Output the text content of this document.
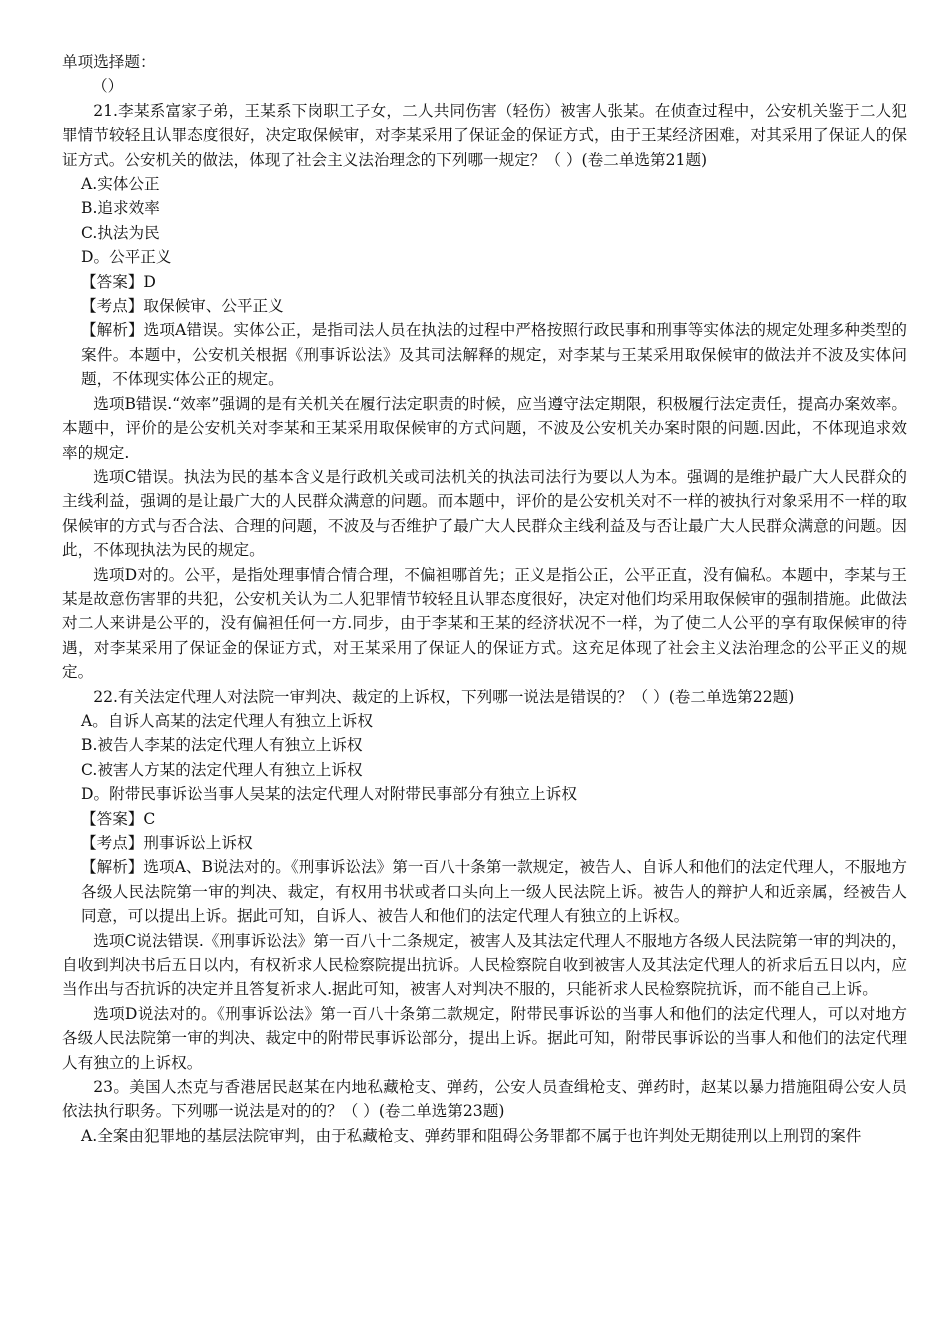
单项选择题：

（）

21.李某系富家子弟，王某系下岗职工子女，二人共同伤害（轻伤）被害人张某。在侦查过程中，公安机关鉴于二人犯罪情节较轻且认罪态度很好，决定取保候审，对李某采用了保证金的保证方式，由于王某经济困难，对其采用了保证人的保证方式。公安机关的做法，体现了社会主义法治理念的下列哪一规定？（ ）(卷二单选第21题)

A.实体公正

B.追求效率

C.执法为民

D。公平正义

【答案】D

【考点】取保候审、公平正义

【解析】选项A错误。实体公正，是指司法人员在执法的过程中严格按照行政民事和刑事等实体法的规定处理多种类型的案件。本题中，公安机关根据《刑事诉讼法》及其司法解释的规定，对李某与王某采用取保候审的做法并不波及实体问题，不体现实体公正的规定。

选项B错误.“效率”强调的是有关机关在履行法定职责的时候，应当遵守法定期限，积极履行法定责任，提高办案效率。本题中，评价的是公安机关对李某和王某采用取保候审的方式问题，不波及公安机关办案时限的问题.因此，不体现追求效率的规定.

选项C错误。执法为民的基本含义是行政机关或司法机关的执法司法行为要以人为本。强调的是维护最广大人民群众的主线利益，强调的是让最广大的人民群众满意的问题。而本题中，评价的是公安机关对不一样的被执行对象采用不一样的取保候审的方式与否合法、合理的问题，不波及与否维护了最广大人民群众主线利益及与否让最广大人民群众满意的问题。因此，不体现执法为民的规定。

选项D对的。公平，是指处理事情合情合理，不偏袒哪首先；正义是指公正，公平正直，没有偏私。本题中，李某与王某是故意伤害罪的共犯，公安机关认为二人犯罪情节较轻且认罪态度很好，决定对他们均采用取保候审的强制措施。此做法对二人来讲是公平的，没有偏袒任何一方.同步，由于李某和王某的经济状况不一样，为了使二人公平的享有取保候审的待遇，对李某采用了保证金的保证方式，对王某采用了保证人的保证方式。这充足体现了社会主义法治理念的公平正义的规定。

22.有关法定代理人对法院一审判决、裁定的上诉权，下列哪一说法是错误的？（ ）(卷二单选第22题)

A。自诉人高某的法定代理人有独立上诉权

B.被告人李某的法定代理人有独立上诉权

C.被害人方某的法定代理人有独立上诉权

D。附带民事诉讼当事人吴某的法定代理人对附带民事部分有独立上诉权

【答案】C

【考点】刑事诉讼上诉权

【解析】选项A、B说法对的。《刑事诉讼法》第一百八十条第一款规定，被告人、自诉人和他们的法定代理人，不服地方各级人民法院第一审的判决、裁定，有权用书状或者口头向上一级人民法院上诉。被告人的辩护人和近亲属，经被告人同意，可以提出上诉。据此可知，自诉人、被告人和他们的法定代理人有独立的上诉权。

选项C说法错误.《刑事诉讼法》第一百八十二条规定，被害人及其法定代理人不服地方各级人民法院第一审的判决的，自收到判决书后五日以内，有权祈求人民检察院提出抗诉。人民检察院自收到被害人及其法定代理人的祈求后五日以内，应当作出与否抗诉的决定并且答复祈求人.据此可知，被害人对判决不服的，只能祈求人民检察院抗诉，而不能自己上诉。

选项D说法对的。《刑事诉讼法》第一百八十条第二款规定，附带民事诉讼的当事人和他们的法定代理人，可以对地方各级人民法院第一审的判决、裁定中的附带民事诉讼部分，提出上诉。据此可知，附带民事诉讼的当事人和他们的法定代理人有独立的上诉权。

23。美国人杰克与香港居民赵某在内地私藏枪支、弹药，公安人员查缉枪支、弹药时，赵某以暴力措施阻碍公安人员依法执行职务。下列哪一说法是对的的？（ ）(卷二单选第23题)

A.全案由犯罪地的基层法院审判，由于私藏枪支、弹药罪和阻碍公务罪都不属于也许判处无期徒刑以上刑罚的案件
